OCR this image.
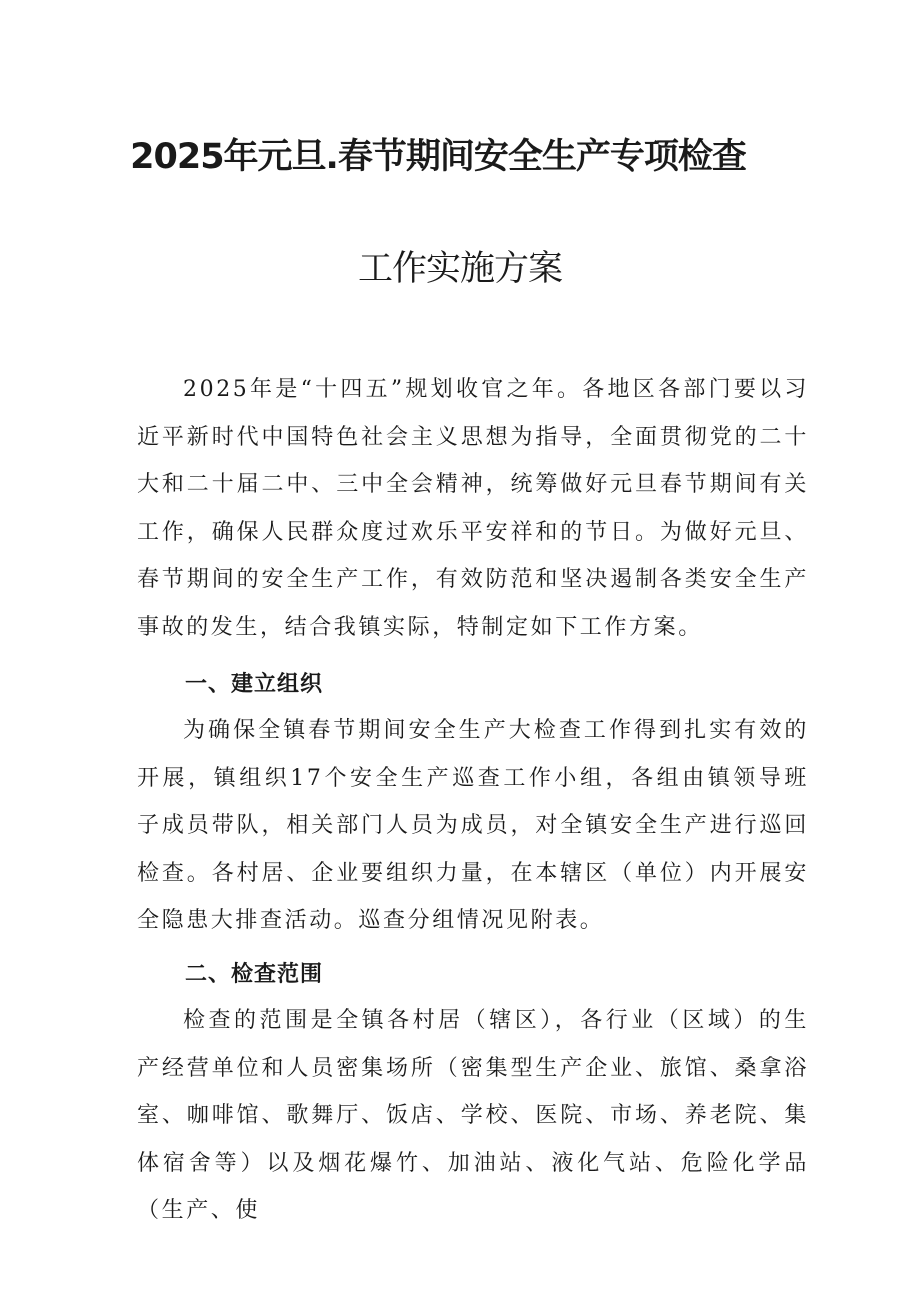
2025年元旦.春节期间安全生产专项检查
工作实施方案

2025年是“十四五”规划收官之年。各地区各部门要以习近平新时代中国特色社会主义思想为指导，全面贯彻党的二十大和二十届二中、三中全会精神，统筹做好元旦春节期间有关工作，确保人民群众度过欢乐平安祥和的节日。为做好元旦、春节期间的安全生产工作，有效防范和坚决遏制各类安全生产事故的发生，结合我镇实际，特制定如下工作方案。

一、建立组织

为确保全镇春节期间安全生产大检查工作得到扎实有效的开展，镇组织17个安全生产巡查工作小组，各组由镇领导班子成员带队，相关部门人员为成员，对全镇安全生产进行巡回检查。各村居、企业要组织力量，在本辖区（单位）内开展安全隐患大排查活动。巡查分组情况见附表。

二、检查范围

检查的范围是全镇各村居（辖区），各行业（区域）的生产经营单位和人员密集场所（密集型生产企业、旅馆、桑拿浴室、咖啡馆、歌舞厅、饭店、学校、医院、市场、养老院、集体宿舍等）以及烟花爆竹、加油站、液化气站、危险化学品（生产、使
